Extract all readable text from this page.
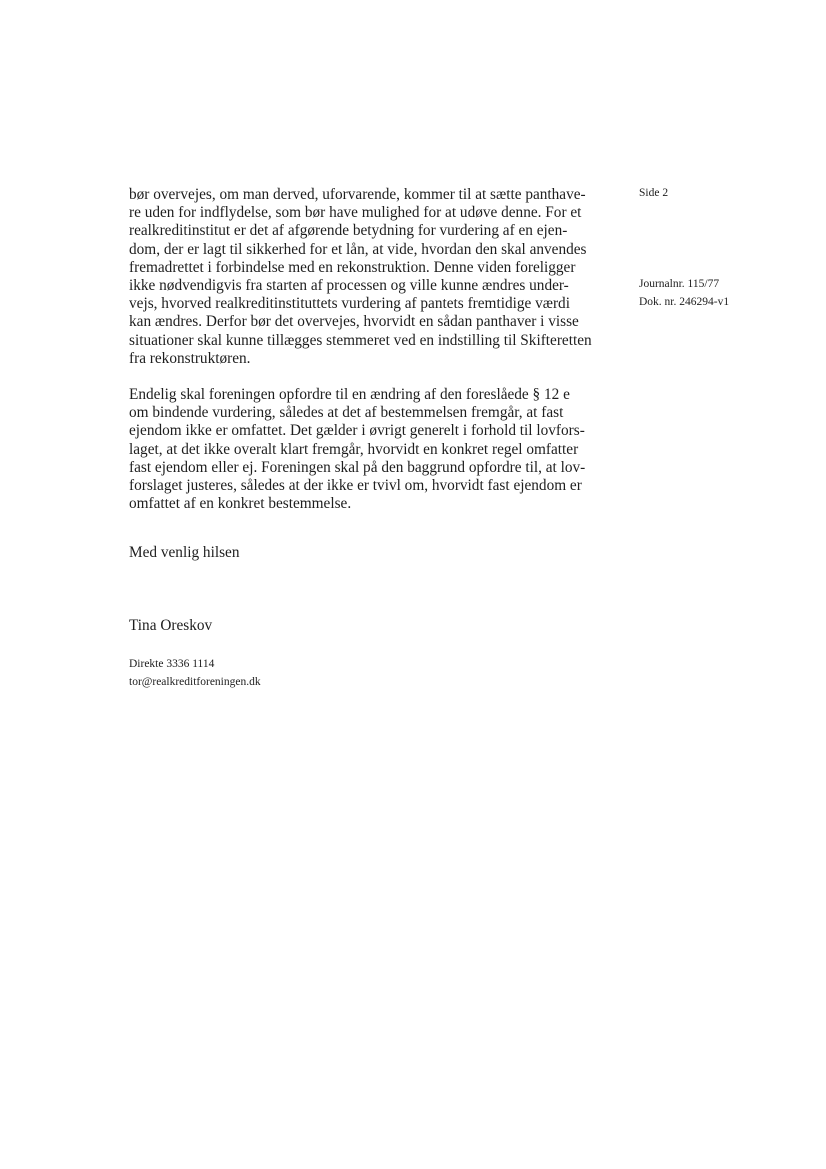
bør overvejes, om man derved, uforvarende, kommer til at sætte panthave-
re uden for indflydelse, som bør have mulighed for at udøve denne. For et
realkreditinstitut er det af afgørende betydning for vurdering af en ejen-
dom, der er lagt til sikkerhed for et lån, at vide, hvordan den skal anvendes
fremadrettet i forbindelse med en rekonstruktion. Denne viden foreligger
ikke nødvendigvis fra starten af processen og ville kunne ændres under-
vejs, hvorved realkreditinstituttets vurdering af pantets fremtidige værdi
kan ændres. Derfor bør det overvejes, hvorvidt en sådan panthaver i visse
situationer skal kunne tillægges stemmeret ved en indstilling til Skifteretten
fra rekonstruktøren.

Endelig skal foreningen opfordre til en ændring af den foreslåede § 12 e
om bindende vurdering, således at det af bestemmelsen fremgår, at fast
ejendom ikke er omfattet. Det gælder i øvrigt generelt i forhold til lovfors-
laget, at det ikke overalt klart fremgår, hvorvidt en konkret regel omfatter
fast ejendom eller ej. Foreningen skal på den baggrund opfordre til, at lov-
forslaget justeres, således at der ikke er tvivl om, hvorvidt fast ejendom er
omfattet af en konkret bestemmelse.

Med venlig hilsen
Tina Oreskov
Direkte 3336 1114
tor@realkreditforeningen.dk
Side 2
Journalnr. 115/77
Dok. nr. 246294-v1
